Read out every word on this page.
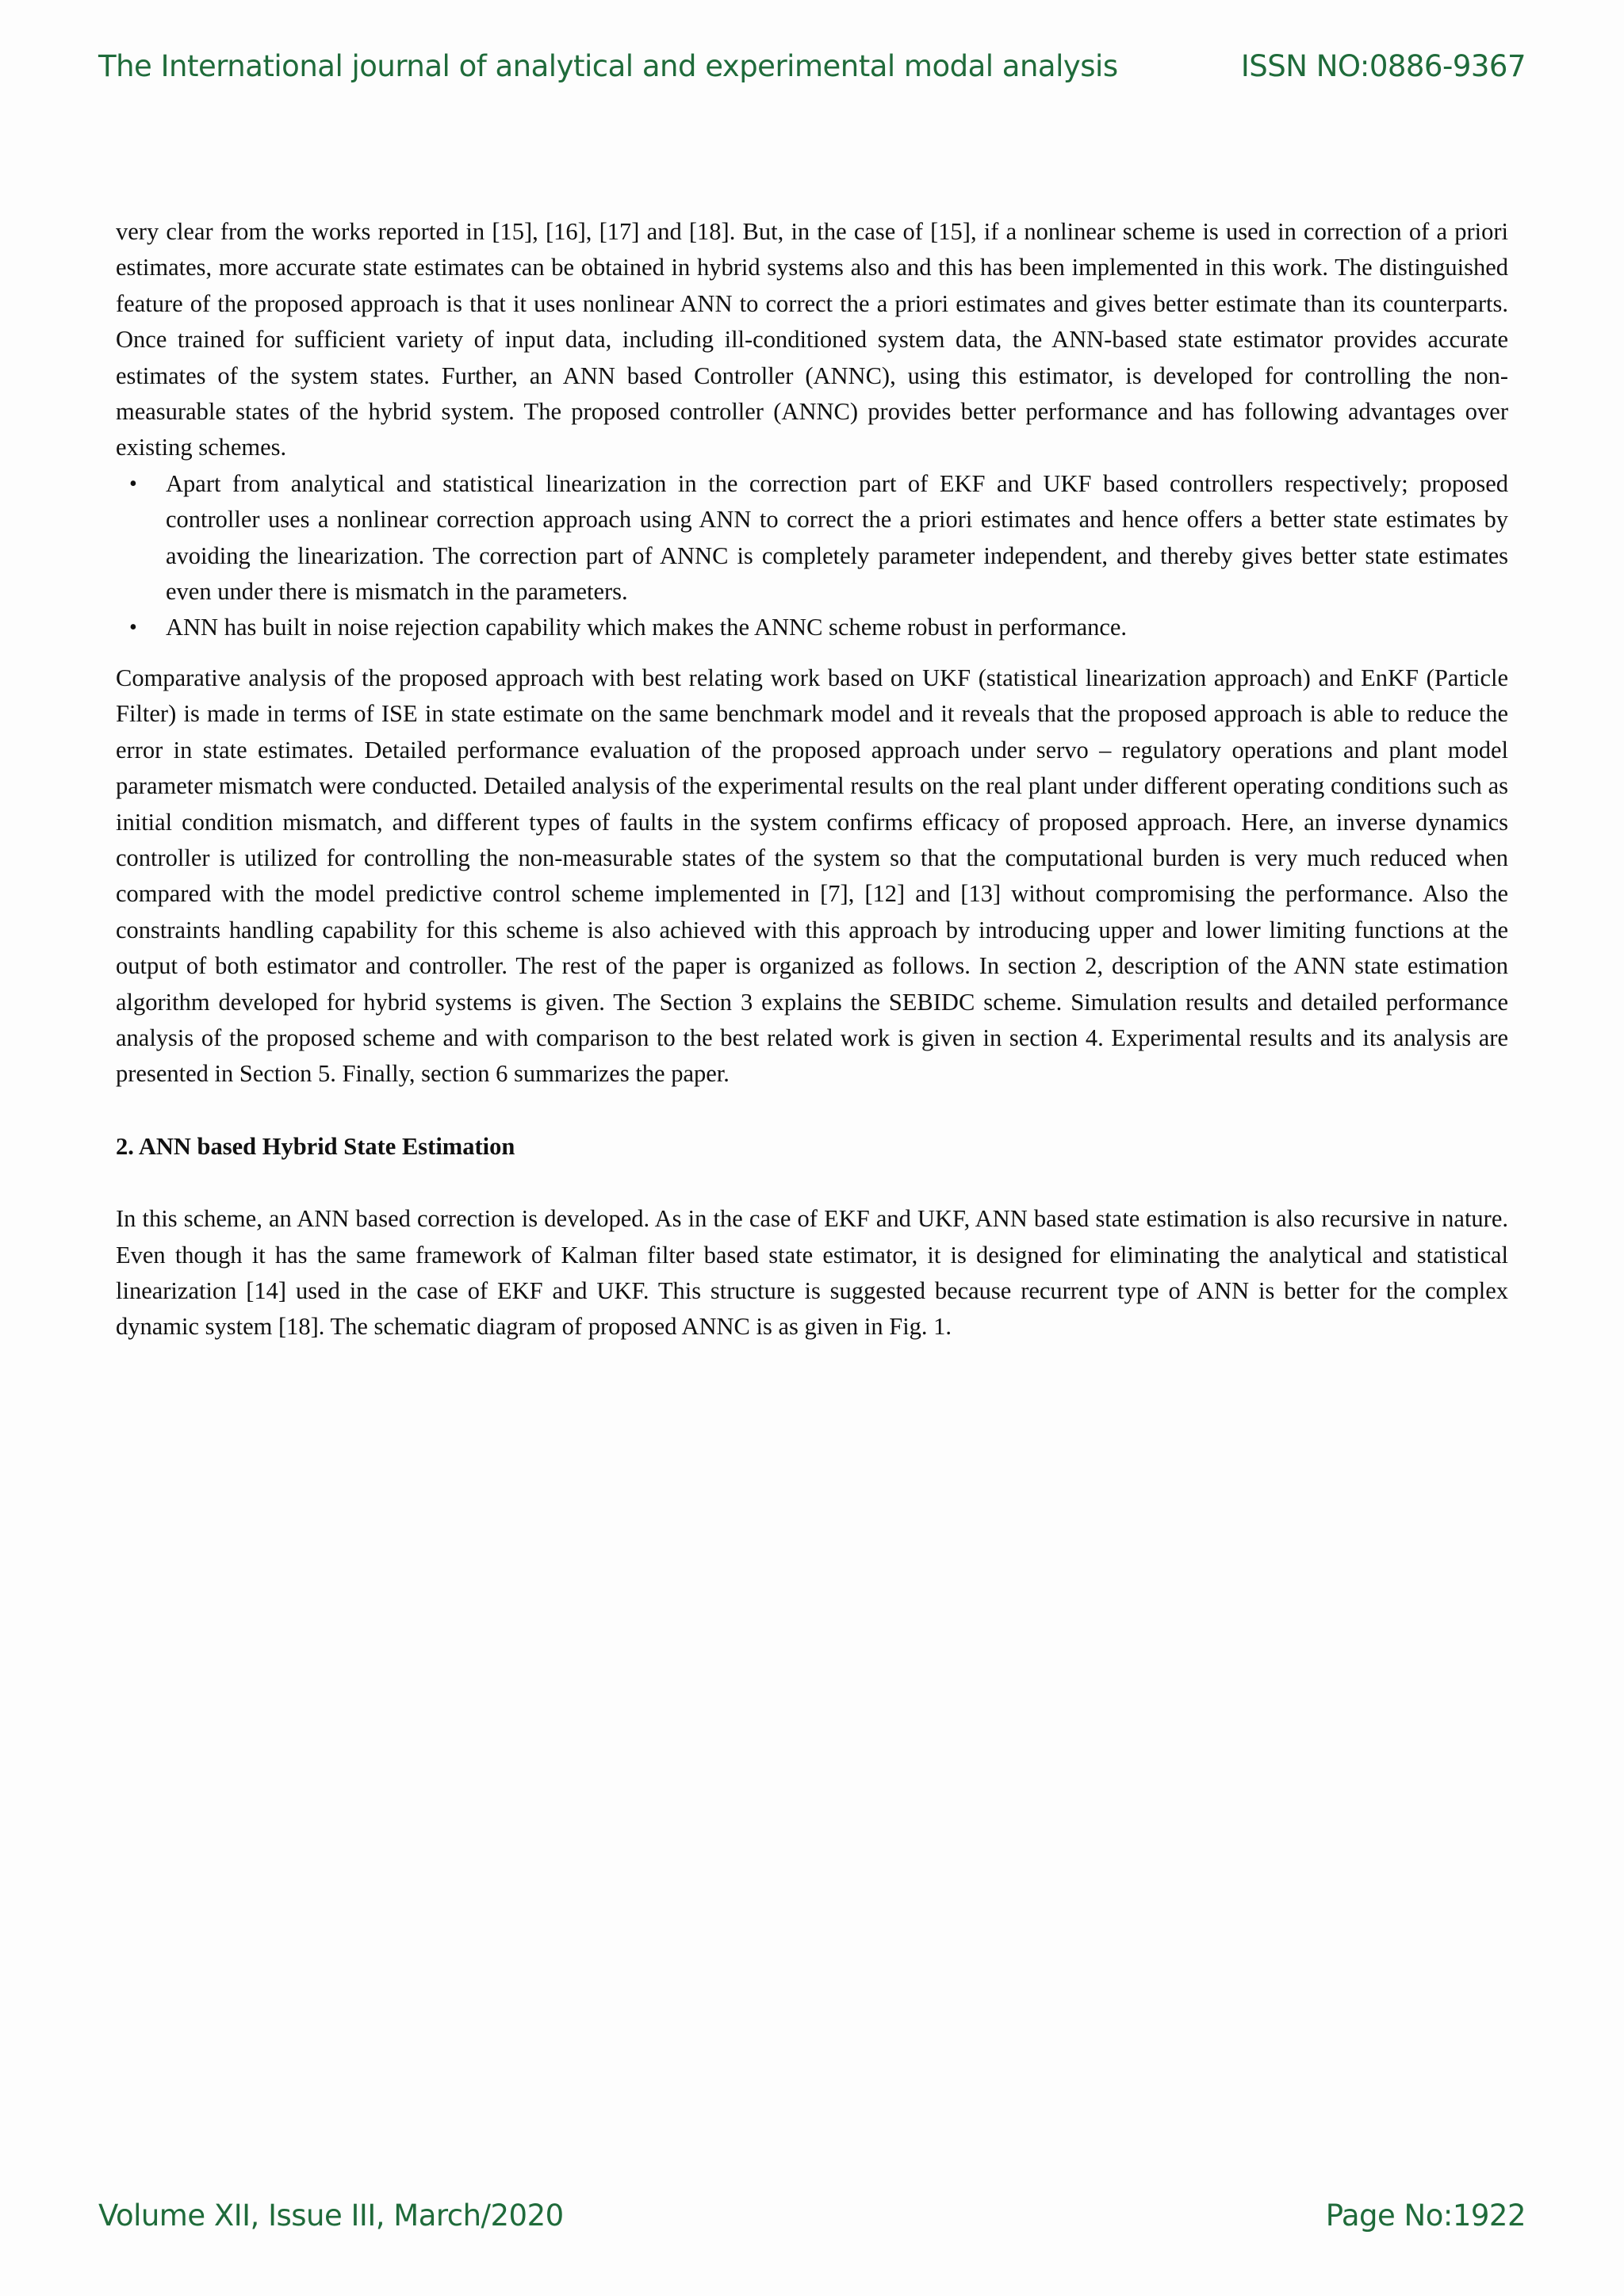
The International journal of analytical and experimental modal analysis	ISSN NO:0886-9367

very clear from the works reported in [15], [16], [17] and [18]. But, in the case of [15], if a nonlinear scheme is used in correction of a priori estimates, more accurate state estimates can be obtained in hybrid systems also and this has been implemented in this work. The distinguished feature of the proposed approach is that it uses nonlinear ANN to correct the a priori estimates and gives better estimate than its counterparts. Once trained for sufficient variety of input data, including ill-conditioned system data, the ANN-based state estimator provides accurate estimates of the system states. Further, an ANN based Controller (ANNC), using this estimator, is developed for controlling the non-measurable states of the hybrid system. The proposed controller (ANNC) provides better performance and has following advantages over existing schemes.

• Apart from analytical and statistical linearization in the correction part of EKF and UKF based controllers respectively; proposed controller uses a nonlinear correction approach using ANN to correct the a priori estimates and hence offers a better state estimates by avoiding the linearization. The correction part of ANNC is completely parameter independent, and thereby gives better state estimates even under there is mismatch in the parameters.
• ANN has built in noise rejection capability which makes the ANNC scheme robust in performance.

Comparative analysis of the proposed approach with best relating work based on UKF (statistical linearization approach) and EnKF (Particle Filter) is made in terms of ISE in state estimate on the same benchmark model and it reveals that the proposed approach is able to reduce the error in state estimates. Detailed performance evaluation of the proposed approach under servo – regulatory operations and plant model parameter mismatch were conducted. Detailed analysis of the experimental results on the real plant under different operating conditions such as initial condition mismatch, and different types of faults in the system confirms efficacy of proposed approach. Here, an inverse dynamics controller is utilized for controlling the non-measurable states of the system so that the computational burden is very much reduced when compared with the model predictive control scheme implemented in [7], [12] and [13] without compromising the performance. Also the constraints handling capability for this scheme is also achieved with this approach by introducing upper and lower limiting functions at the output of both estimator and controller. The rest of the paper is organized as follows. In section 2, description of the ANN state estimation algorithm developed for hybrid systems is given. The Section 3 explains the SEBIDC scheme. Simulation results and detailed performance analysis of the proposed scheme and with comparison to the best related work is given in section 4. Experimental results and its analysis are presented in Section 5. Finally, section 6 summarizes the paper.

2. ANN based Hybrid State Estimation

In this scheme, an ANN based correction is developed. As in the case of EKF and UKF, ANN based state estimation is also recursive in nature. Even though it has the same framework of Kalman filter based state estimator, it is designed for eliminating the analytical and statistical linearization [14] used in the case of EKF and UKF. This structure is suggested because recurrent type of ANN is better for the complex dynamic system [18]. The schematic diagram of proposed ANNC is as given in Fig. 1.

Volume XII, Issue III, March/2020	Page No:1922
